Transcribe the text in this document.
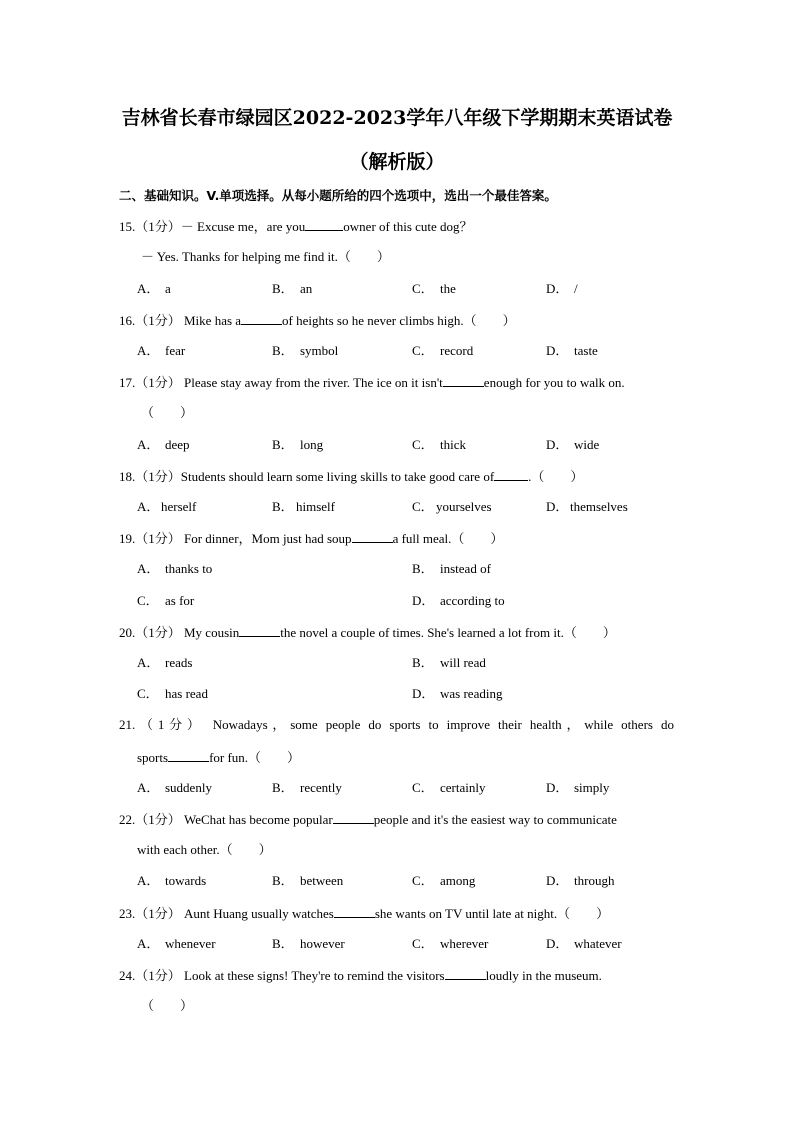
吉林省长春市绿园区2022-2023学年八年级下学期期末英语试卷
（解析版）
二、基础知识。V.单项选择。从每小题所给的四个选项中，选出一个最佳答案。
15.（1分）－ Excuse me，are you	owner of this cute dog？
－ Yes. Thanks for helping me find it.（　　）
A． a	B． an	C． the	D． /
16.（1分） Mike has a	of heights so he never climbs high.（　　）
A． fear	B． symbol	C． record	D． taste
17.（1分） Please stay away from the river. The ice on it isn't	enough for you to walk on.
（　　）
A． deep	B． long	C． thick	D． wide
18.（1分）Students should learn some living skills to take good care of	.（　　）
A． herself	B． himself	C． yourselves	D． themselves
19.（1分） For dinner，Mom just had soup	a full meal.（　　）
A． thanks to	B． instead of
C． as for	D． according to
20.（1分） My cousin	the novel a couple of times. She's learned a lot from it.（　　）
A． reads	B． will read
C． has read	D． was reading
21.（1分） Nowadays，some people do sports to improve their health，while others do
sports	for fun.（　　）
A． suddenly	B． recently	C． certainly	D． simply
22.（1分） WeChat has become popular	people and it's the easiest way to communicate
with each other.（　　）
A． towards	B． between	C． among	D． through
23.（1分） Aunt Huang usually watches	she wants on TV until late at night.（　　）
A． whenever	B． however	C． wherever	D． whatever
24.（1分） Look at these signs! They're to remind the visitors	loudly in the museum.
（　　）
